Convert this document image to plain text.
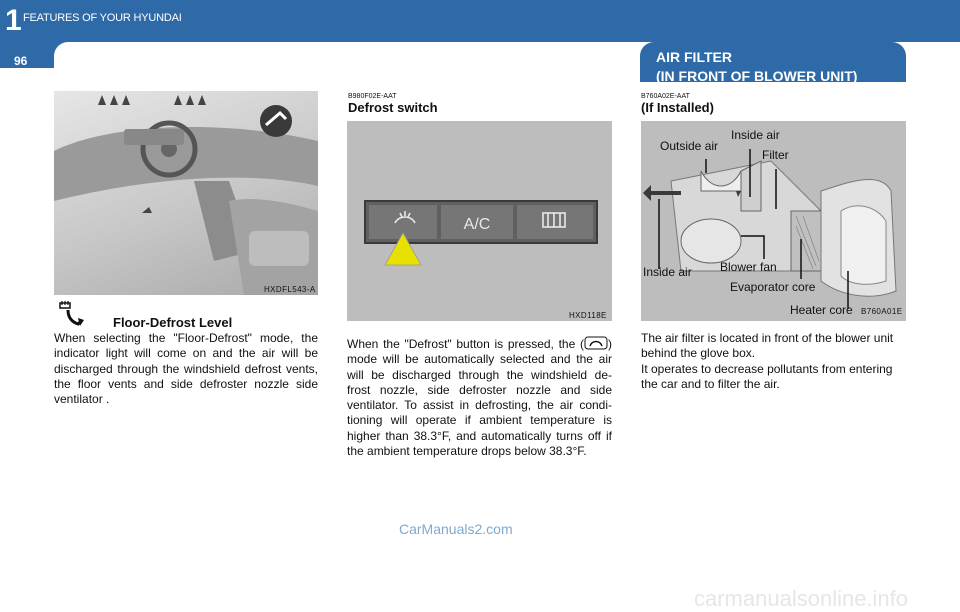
1 FEATURES OF YOUR HYUNDAI
96	AIR FILTER
(IN FRONT OF BLOWER UNIT)
HXDFL543-A
Floor-Defrost Level
When selecting the "Floor-Defrost" mode, the indicator light will come on and the air will be discharged through the windshield defrost vents, the floor vents and side defroster nozzle side ventilator .
B980F02E-AAT
Defrost switch
A/C
HXD118E
When the "Defrost" button is pressed, the ( ) mode will be automatically selected and the air will be discharged through the windshield de- frost nozzle, side defroster nozzle and side ventilator. To assist in defrosting, the air condi- tioning will operate if ambient temperature is higher than 38.3°F, and automatically turns off if the ambient temperature drops below 38.3°F.
B760A02E-AAT
(If Installed)
Outside air
Inside air
Filter
Inside air Blower fan
Evaporator core
Heater core B760A01E
The air filter is located in front of the blower unit behind the glove box.
It operates to decrease pollutants from entering the car and to filter the air.
CarManuals2.com
carmanualsonline.info
